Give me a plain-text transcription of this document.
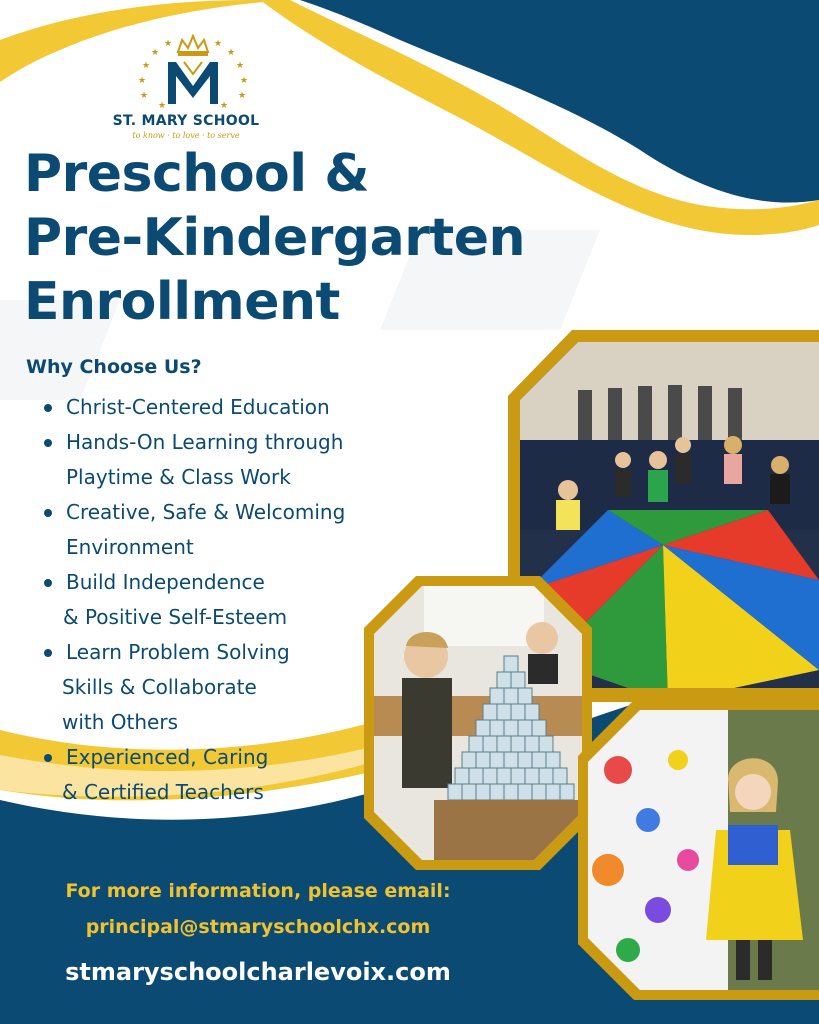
★
★
★
★
★	★
★
★
★
★
★	★
ST. MARY SCHOOL
to know · to love · to serve
Preschool &
Pre-Kindergarten
Enrollment
Why Choose Us?
Christ-Centered Education
Hands-On Learning through
Playtime & Class Work
Creative, Safe & Welcoming
Environment
Build Independence
& Positive Self-Esteem
Learn Problem Solving
Skills & Collaborate
with Others
Experienced, Caring
& Certified Teachers
For more information, please email:
principal@stmaryschoolchx.com
stmaryschoolcharlevoix.com
